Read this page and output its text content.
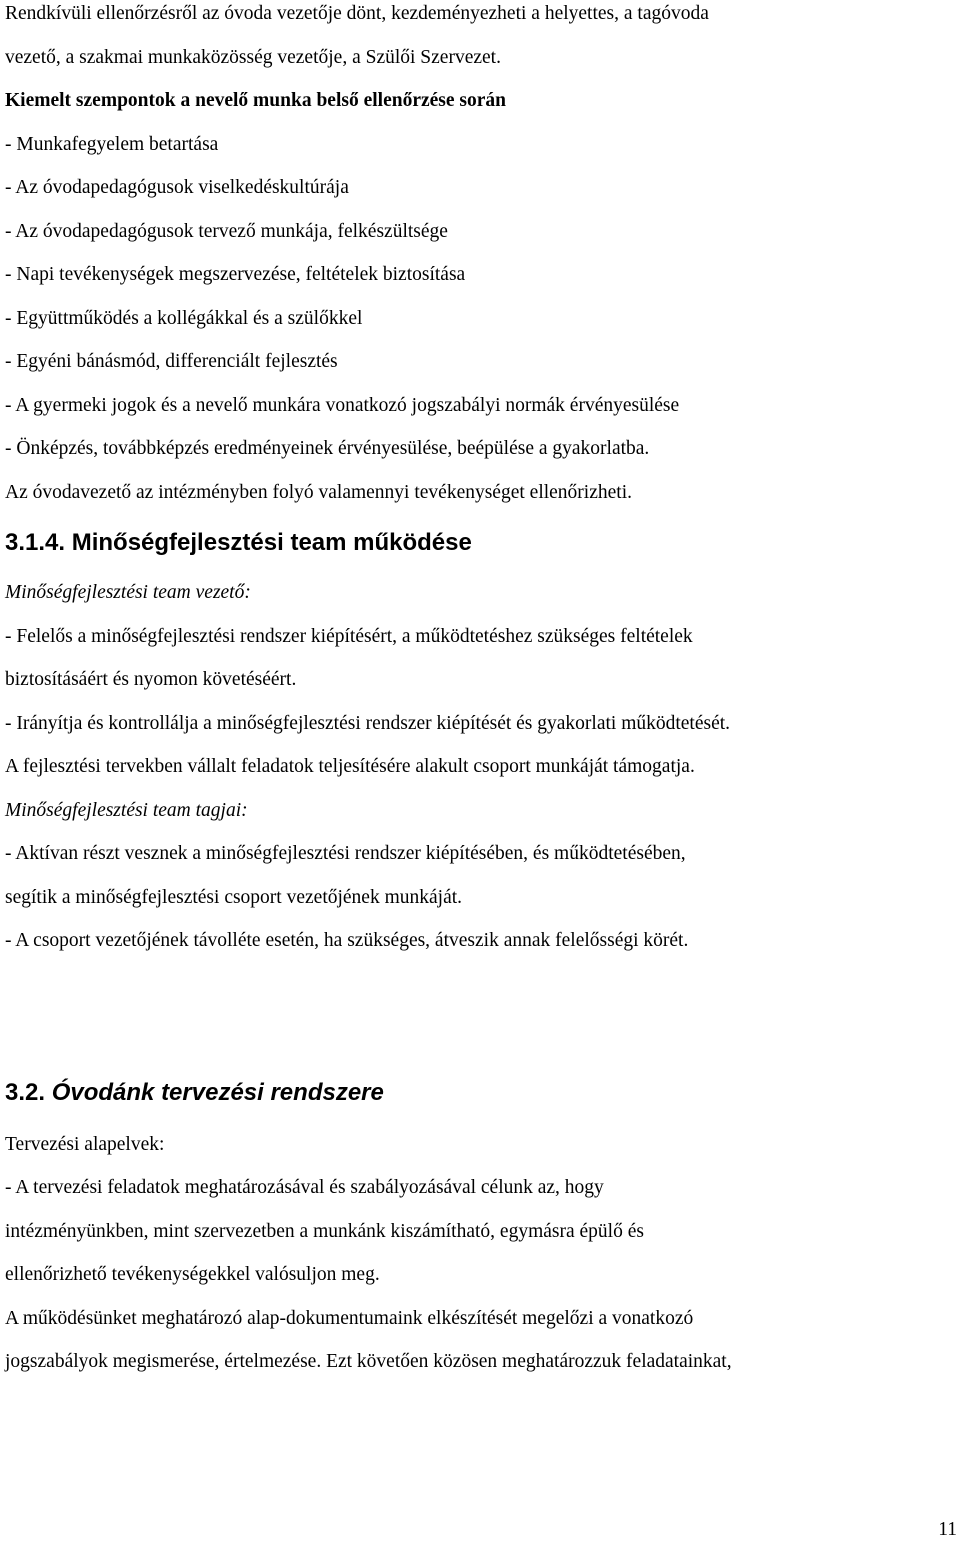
Rendkívüli ellenőrzésről az óvoda vezetője dönt, kezdeményezheti a helyettes, a tagóvoda
vezető, a szakmai munkaközösség vezetője, a Szülői Szervezet.
Kiemelt szempontok a nevelő munka belső ellenőrzése során
- Munkafegyelem betartása
- Az óvodapedagógusok viselkedéskultúrája
- Az óvodapedagógusok tervező munkája, felkészültsége
- Napi tevékenységek megszervezése, feltételek biztosítása
- Együttműködés a kollégákkal és a szülőkkel
- Egyéni bánásmód, differenciált fejlesztés
- A gyermeki jogok és a nevelő munkára vonatkozó jogszabályi normák érvényesülése
- Önképzés, továbbképzés eredményeinek érvényesülése, beépülése a gyakorlatba.
Az óvodavezető az intézményben folyó valamennyi tevékenységet ellenőrizheti.
3.1.4. Minőségfejlesztési team működése
Minőségfejlesztési team vezető:
- Felelős a minőségfejlesztési rendszer kiépítésért, a működtetéshez szükséges feltételek
biztosításáért és nyomon követéséért.
- Irányítja és kontrollálja a minőségfejlesztési rendszer kiépítését és gyakorlati működtetését.
A fejlesztési tervekben vállalt feladatok teljesítésére alakult csoport munkáját támogatja.
Minőségfejlesztési team tagjai:
- Aktívan részt vesznek a minőségfejlesztési rendszer kiépítésében, és működtetésében,
segítik a minőségfejlesztési csoport vezetőjének munkáját.
- A csoport vezetőjének távolléte esetén, ha szükséges, átveszik annak felelősségi körét.
3.2. Óvodánk tervezési rendszere
Tervezési alapelvek:
- A tervezési feladatok meghatározásával és szabályozásával célunk az, hogy
intézményünkben, mint szervezetben a munkánk kiszámítható, egymásra épülő és
ellenőrizhető tevékenységekkel valósuljon meg.
A működésünket meghatározó alap-dokumentumaink elkészítését megelőzi a vonatkozó
jogszabályok megismerése, értelmezése. Ezt követően közösen meghatározzuk feladatainkat,
11
